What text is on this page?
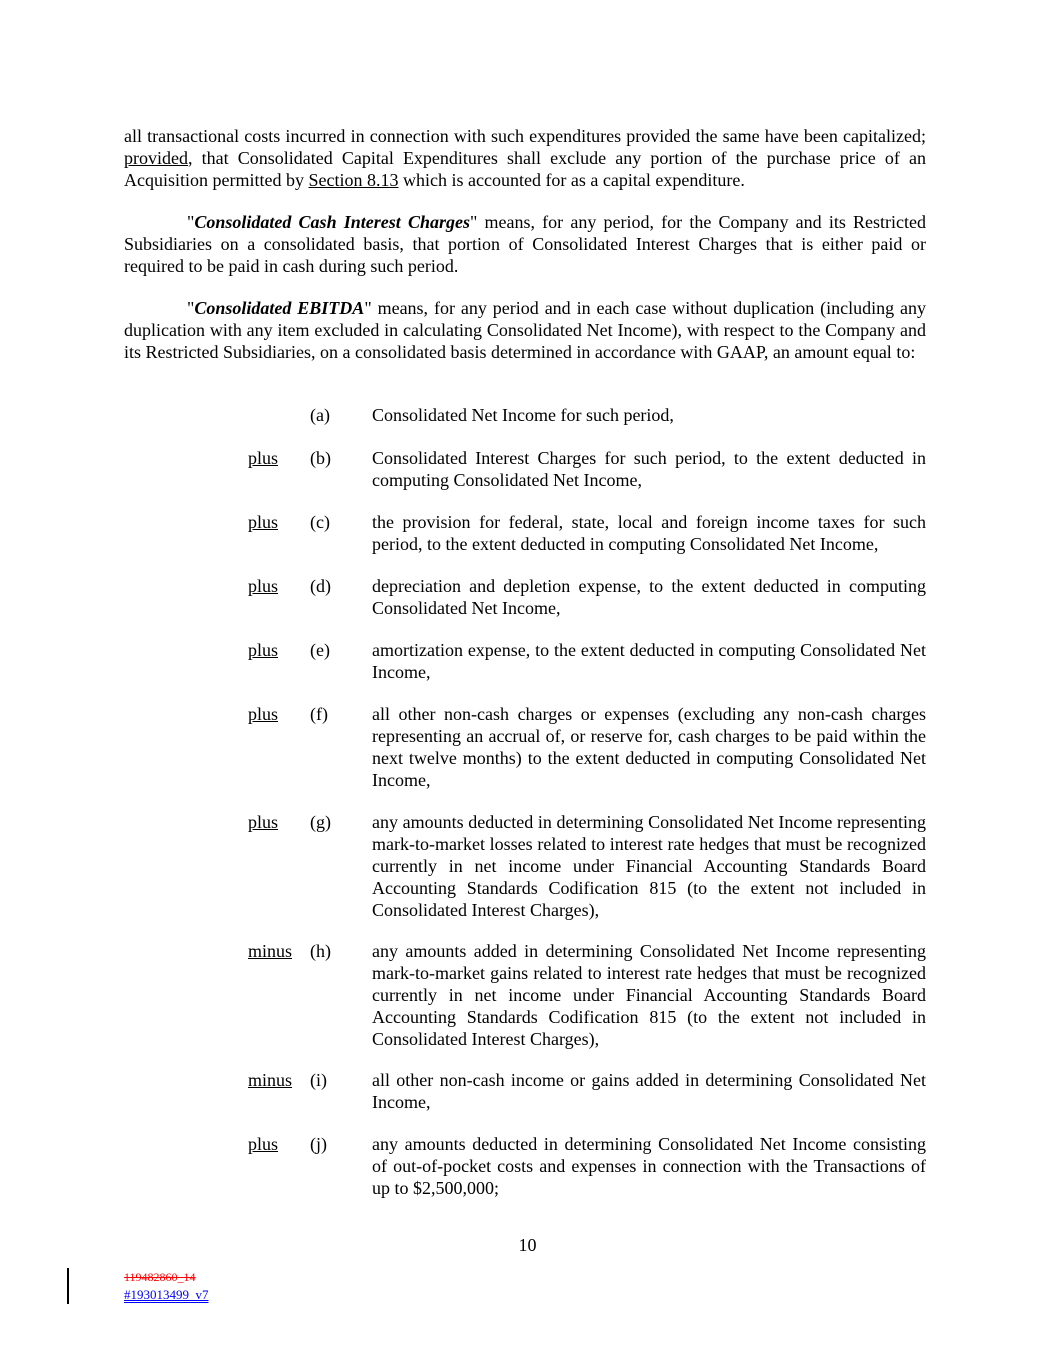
all transactional costs incurred in connection with such expenditures provided the same have been capitalized; provided, that Consolidated Capital Expenditures shall exclude any portion of the purchase price of an Acquisition permitted by Section 8.13 which is accounted for as a capital expenditure.

"Consolidated Cash Interest Charges" means, for any period, for the Company and its Restricted Subsidiaries on a consolidated basis, that portion of Consolidated Interest Charges that is either paid or required to be paid in cash during such period.

"Consolidated EBITDA" means, for any period and in each case without duplication (including any duplication with any item excluded in calculating Consolidated Net Income), with respect to the Company and its Restricted Subsidiaries, on a consolidated basis determined in accordance with GAAP, an amount equal to:

(a) Consolidated Net Income for such period,
plus (b) Consolidated Interest Charges for such period, to the extent deducted in computing Consolidated Net Income,
plus (c) the provision for federal, state, local and foreign income taxes for such period, to the extent deducted in computing Consolidated Net Income,
plus (d) depreciation and depletion expense, to the extent deducted in computing Consolidated Net Income,
plus (e) amortization expense, to the extent deducted in computing Consolidated Net Income,
plus (f) all other non-cash charges or expenses (excluding any non-cash charges representing an accrual of, or reserve for, cash charges to be paid within the next twelve months) to the extent deducted in computing Consolidated Net Income,
plus (g) any amounts deducted in determining Consolidated Net Income representing mark-to-market losses related to interest rate hedges that must be recognized currently in net income under Financial Accounting Standards Board Accounting Standards Codification 815 (to the extent not included in Consolidated Interest Charges),
minus (h) any amounts added in determining Consolidated Net Income representing mark-to-market gains related to interest rate hedges that must be recognized currently in net income under Financial Accounting Standards Board Accounting Standards Codification 815 (to the extent not included in Consolidated Interest Charges),
minus (i)	all other non-cash income or gains added in determining Consolidated Net Income,
plus (j)	any amounts deducted in determining Consolidated Net Income consisting of out-of-pocket costs and expenses in connection with the Transactions of up to $2,500,000;
10
119482860_14
#193013499_v7
